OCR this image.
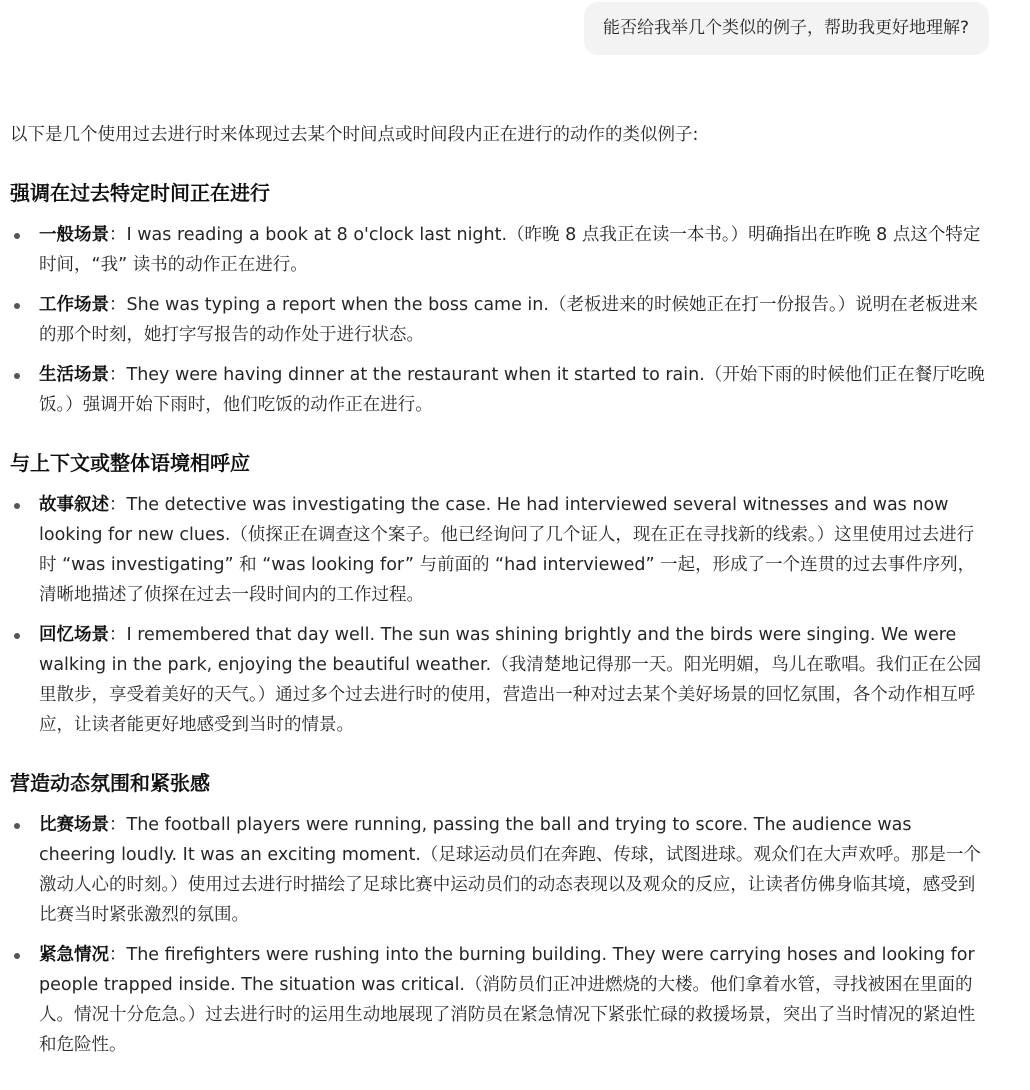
能否给我举几个类似的例子，帮助我更好地理解?

以下是几个使用过去进行时来体现过去某个时间点或时间段内正在进行的动作的类似例子:

强调在过去特定时间正在进行
一般场景：I was reading a book at 8 o'clock last night.（昨晚 8 点我正在读一本书。）明确指出在昨晚 8 点这个特定时间，“我” 读书的动作正在进行。
工作场景：She was typing a report when the boss came in.（老板进来的时候她正在打一份报告。）说明在老板进来的那个时刻，她打字写报告的动作处于进行状态。
生活场景：They were having dinner at the restaurant when it started to rain.（开始下雨的时候他们正在餐厅吃晚饭。）强调开始下雨时，他们吃饭的动作正在进行。
与上下文或整体语境相呼应
故事叙述：The detective was investigating the case. He had interviewed several witnesses and was now looking for new clues.（侦探正在调查这个案子。他已经询问了几个证人，现在正在寻找新的线索。）这里使用过去进行时 “was investigating” 和 “was looking for” 与前面的 “had interviewed” 一起，形成了一个连贯的过去事件序列，清晰地描述了侦探在过去一段时间内的工作过程。
回忆场景：I remembered that day well. The sun was shining brightly and the birds were singing. We were walking in the park, enjoying the beautiful weather.（我清楚地记得那一天。阳光明媚，鸟儿在歌唱。我们正在公园里散步，享受着美好的天气。）通过多个过去进行时的使用，营造出一种对过去某个美好场景的回忆氛围，各个动作相互呼应，让读者能更好地感受到当时的情景。
营造动态氛围和紧张感
比赛场景：The football players were running, passing the ball and trying to score. The audience was cheering loudly. It was an exciting moment.（足球运动员们在奔跑、传球，试图进球。观众们在大声欢呼。那是一个激动人心的时刻。）使用过去进行时描绘了足球比赛中运动员们的动态表现以及观众的反应，让读者仿佛身临其境，感受到比赛当时紧张激烈的氛围。
紧急情况：The firefighters were rushing into the burning building. They were carrying hoses and looking for people trapped inside. The situation was critical.（消防员们正冲进燃烧的大楼。他们拿着水管，寻找被困在里面的人。情况十分危急。）过去进行时的运用生动地展现了消防员在紧急情况下紧张忙碌的救援场景，突出了当时情况的紧迫性和危险性。
